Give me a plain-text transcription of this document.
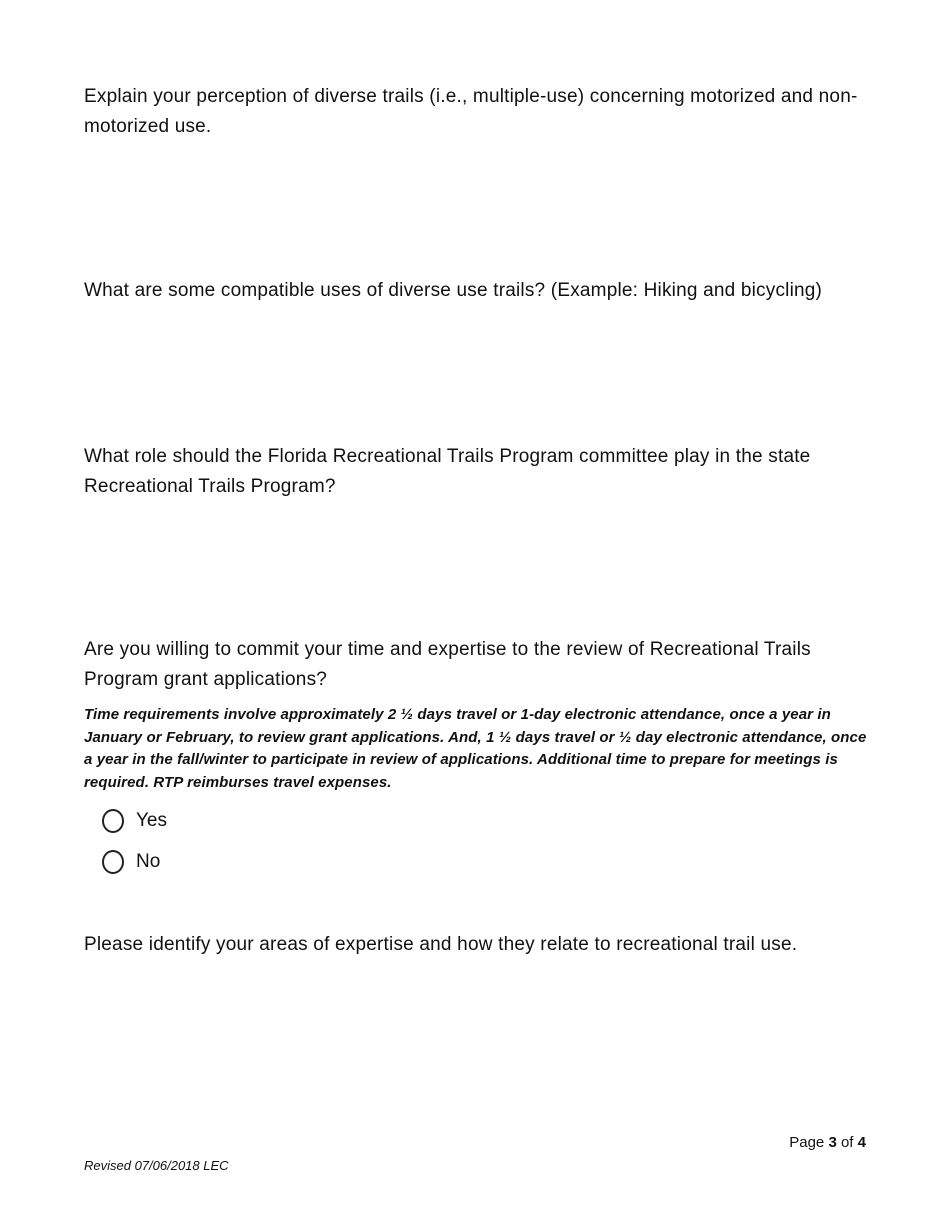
Explain your perception of diverse trails (i.e., multiple-use) concerning motorized and non-motorized use.
What are some compatible uses of diverse use trails? (Example: Hiking and bicycling)
What role should the Florida Recreational Trails Program committee play in the state Recreational Trails Program?
Are you willing to commit your time and expertise to the review of Recreational Trails Program grant applications?
Time requirements involve approximately 2 ½ days travel or 1-day electronic attendance, once a year in January or February, to review grant applications. And, 1 ½ days travel or ½ day electronic attendance, once a year in the fall/winter to participate in review of applications. Additional time to prepare for meetings is required. RTP reimburses travel expenses.
Yes
No
Please identify your areas of expertise and how they relate to recreational trail use.
Page 3 of 4
Revised 07/06/2018 LEC
